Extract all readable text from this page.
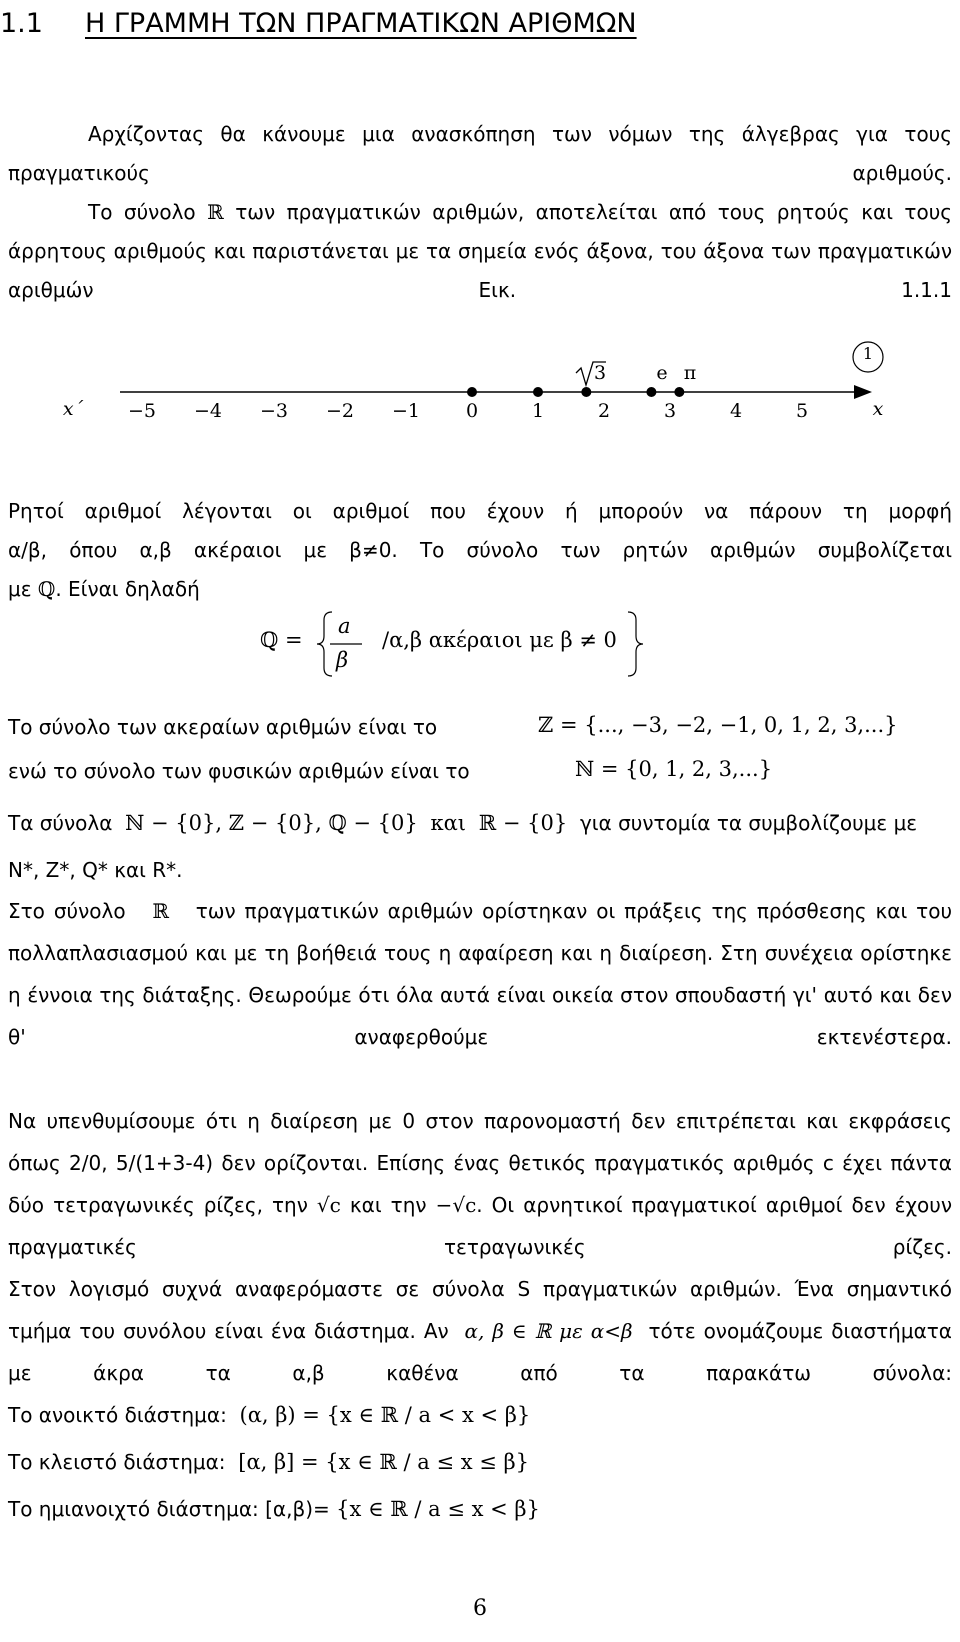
1.1 Η ΓΡΑΜΜΗ ΤΩΝ ΠΡΑΓΜΑΤΙΚΩΝ ΑΡΙΘΜΩΝ

Αρχίζοντας θα κάνουμε μια ανασκόπηση των νόμων της άλγεβρας για τους πραγματικούς αριθμούς.

Το σύνολο ℝ των πραγματικών αριθμών, αποτελείται από τους ρητούς και τους άρρητους αριθμούς και παριστάνεται με τα σημεία ενός άξονα, του άξονα των πραγματικών αριθμών Εικ. 1.1.1

x΄	x
−5 −4 −3 −2 −1 0	1	2	3	4	5
3	e π
1
Ρητοί αριθμοί λέγονται οι αριθμοί που έχουν ή μπορούν να πάρουν τη μορφή
α/β, όπου α,β ακέραιοι με β≠0. Το σύνολο των ρητών αριθμών συμβολίζεται
με ℚ. Είναι δηλαδή
ℚ =
a
β
/α,β ακέραιοι με β ≠ 0
Το σύνολο των ακεραίων αριθμών είναι το	ℤ = {..., −3, −2, −1, 0, 1, 2, 3,...}
ενώ το σύνολο των φυσικών αριθμών είναι το	ℕ = {0, 1, 2, 3,...}
Τα σύνολα ℕ − {0}, ℤ − {0}, ℚ − {0} και ℝ − {0} για συντομία τα συμβολίζουμε με
N*, Z*, Q* και R*.

Στο σύνολο ℝ των πραγματικών αριθμών ορίστηκαν οι πράξεις της πρόσθεσης και του πολλαπλασιασμού και με τη βοήθειά τους η αφαίρεση και η διαίρεση. Στη συνέχεια ορίστηκε η έννοια της διάταξης. Θεωρούμε ότι όλα αυτά είναι οικεία στον σπουδαστή γι' αυτό και δεν θ' αναφερθούμε εκτενέστερα.

Να υπενθυμίσουμε ότι η διαίρεση με 0 στον παρονομαστή δεν επιτρέπεται και εκφράσεις όπως 2/0, 5/(1+3-4) δεν ορίζονται. Επίσης ένας θετικός πραγματικός αριθμός c έχει πάντα δύο τετραγωνικές ρίζες, την √c και την −√c. Οι αρνητικοί πραγματικοί αριθμοί δεν έχουν πραγματικές τετραγωνικές ρίζες.

Στον λογισμό συχνά αναφερόμαστε σε σύνολα S πραγματικών αριθμών. Ένα σημαντικό τμήμα του συνόλου είναι ένα διάστημα. Αν α, β ∈ ℝ με α<β τότε ονομάζουμε διαστήματα με άκρα τα α,β καθένα από τα παρακάτω σύνολα:

Το ανοικτό διάστημα: (α, β) = {x ∈ ℝ / a < x < β}
Το κλειστό διάστημα: [α, β] = {x ∈ ℝ / a ≤ x ≤ β}
Το ημιανοιχτό διάστημα: [α,β)= {x ∈ ℝ / a ≤ x < β}
6
